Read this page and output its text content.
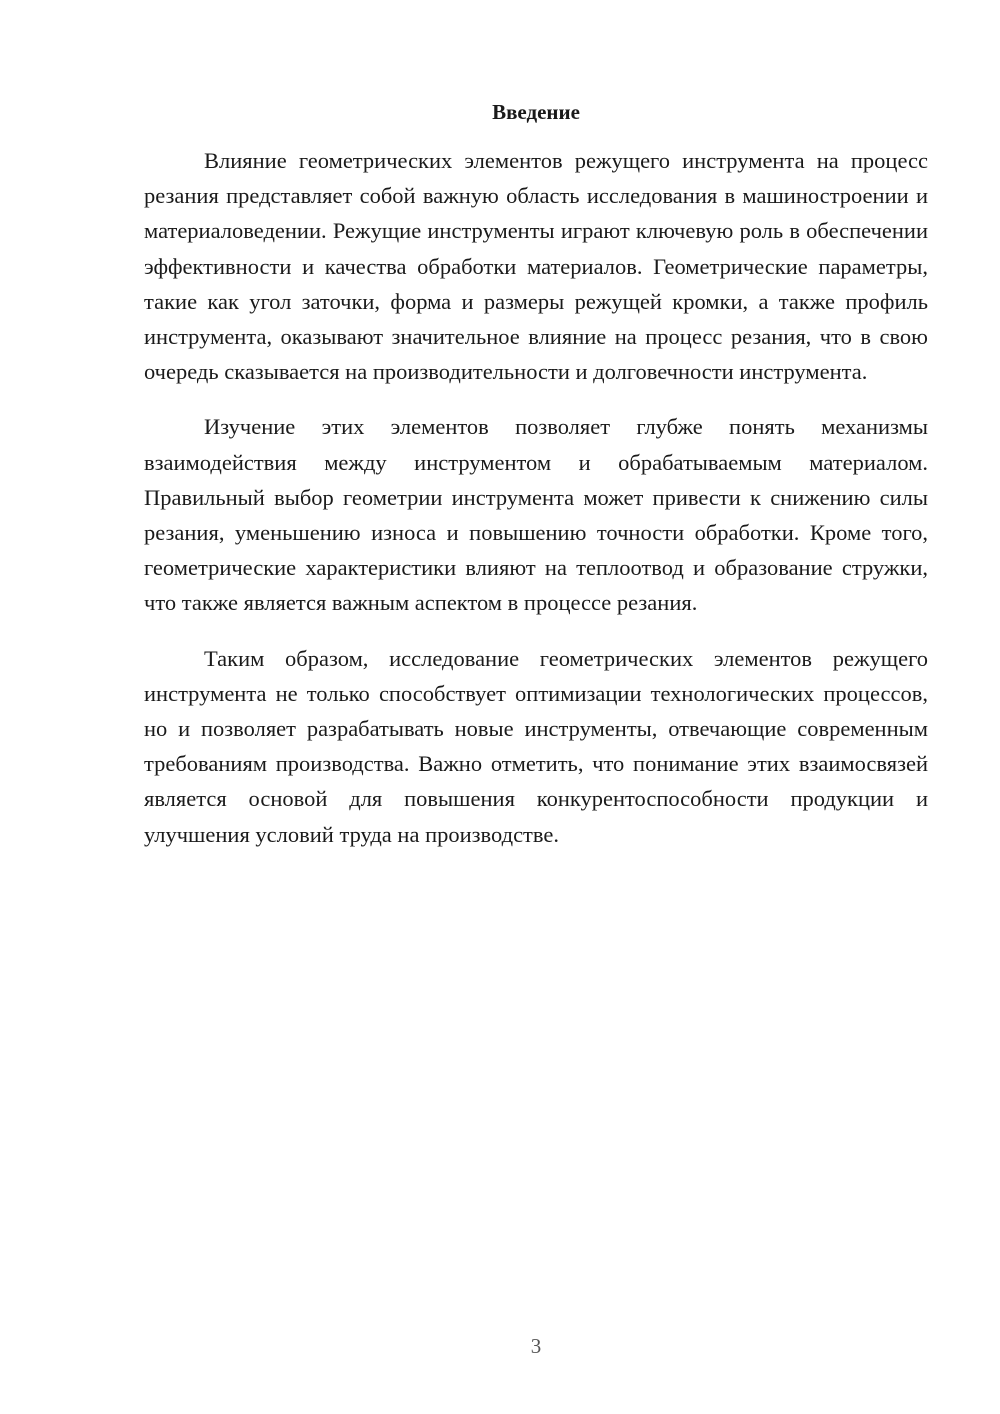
Введение

Влияние геометрических элементов режущего инструмента на процесс резания представляет собой важную область исследования в машиностроении и материаловедении. Режущие инструменты играют ключевую роль в обеспечении эффективности и качества обработки материалов. Геометрические параметры, такие как угол заточки, форма и размеры режущей кромки, а также профиль инструмента, оказывают значительное влияние на процесс резания, что в свою очередь сказывается на производительности и долговечности инструмента.

Изучение этих элементов позволяет глубже понять механизмы взаимодействия между инструментом и обрабатываемым материалом. Правильный выбор геометрии инструмента может привести к снижению силы резания, уменьшению износа и повышению точности обработки. Кроме того, геометрические характеристики влияют на теплоотвод и образование стружки, что также является важным аспектом в процессе резания.

Таким образом, исследование геометрических элементов режущего инструмента не только способствует оптимизации технологических процессов, но и позволяет разрабатывать новые инструменты, отвечающие современным требованиям производства. Важно отметить, что понимание этих взаимосвязей является основой для повышения конкурентоспособности продукции и улучшения условий труда на производстве.

3
